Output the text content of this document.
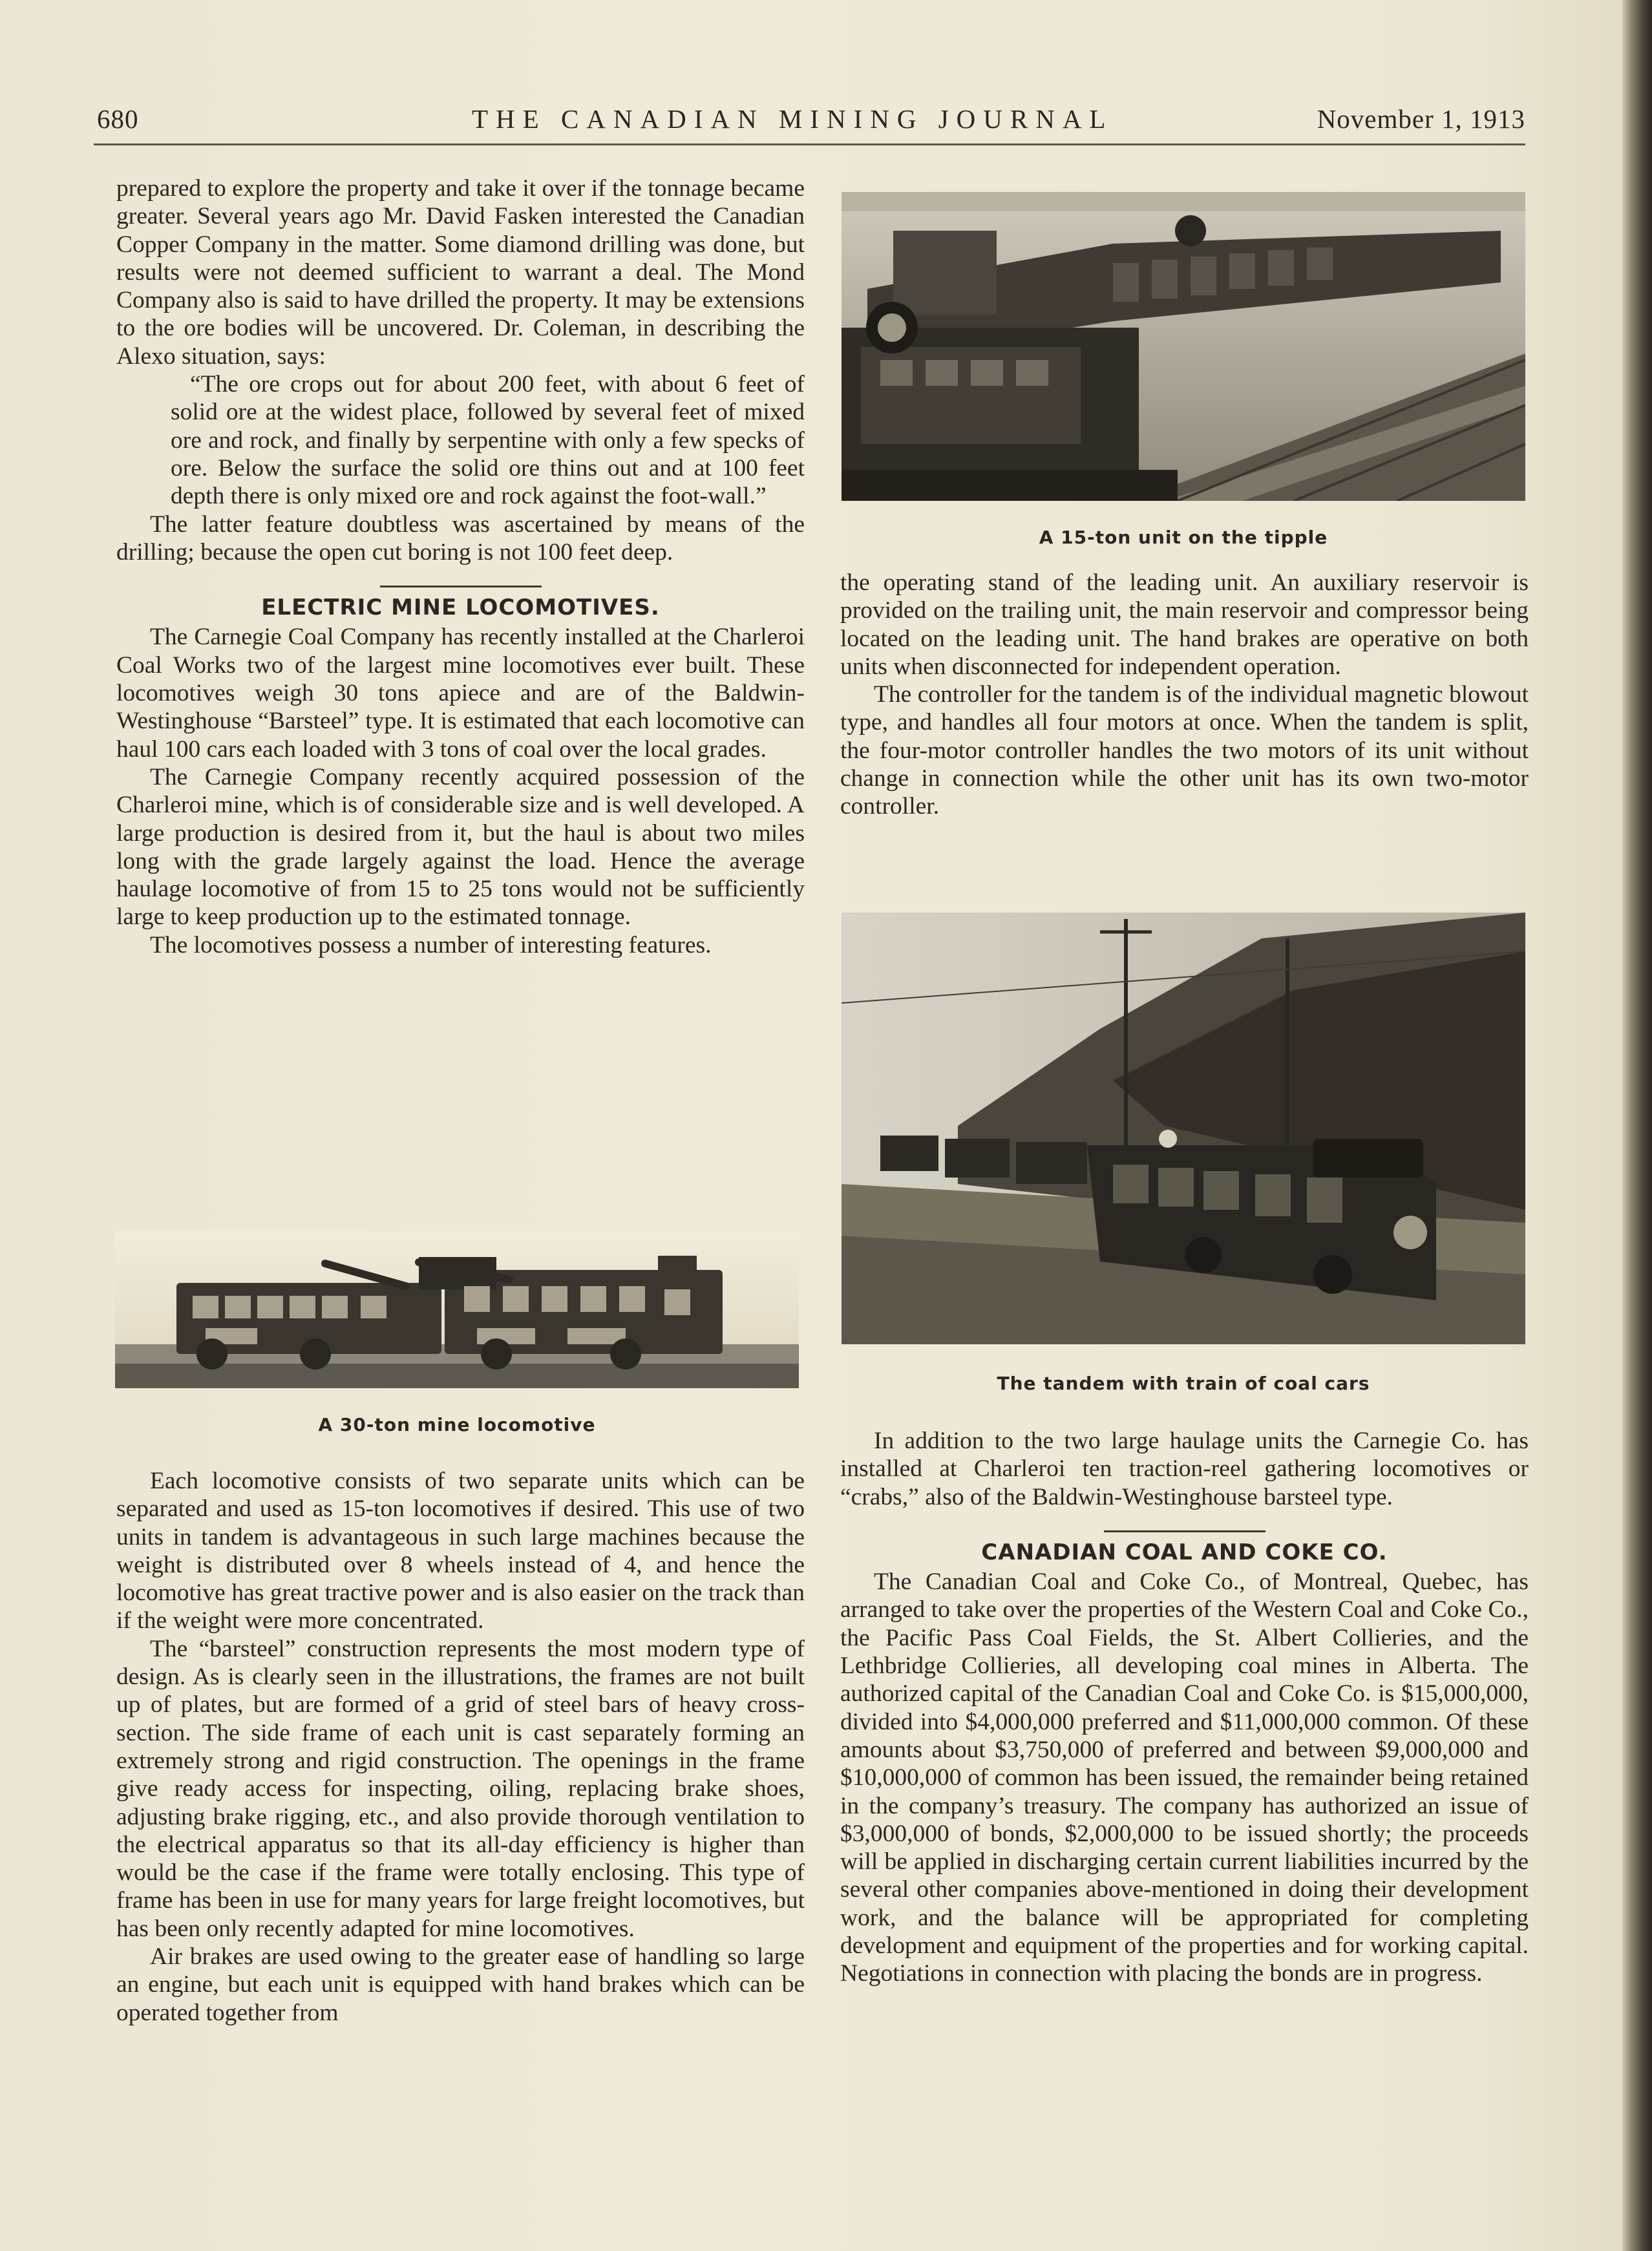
680	THE CANADIAN MINING JOURNAL	November 1, 1913

prepared to explore the property and take it over if the tonnage became greater. Several years ago Mr. David Fasken interested the Canadian Copper Company in the matter. Some diamond drilling was done, but results were not deemed sufficient to warrant a deal. The Mond Company also is said to have drilled the property. It may be extensions to the ore bodies will be uncovered. Dr. Coleman, in describing the Alexo situation, says:

“The ore crops out for about 200 feet, with about 6 feet of solid ore at the widest place, followed by several feet of mixed ore and rock, and finally by serpentine with only a few specks of ore. Below the surface the solid ore thins out and at 100 feet depth there is only mixed ore and rock against the foot-wall.”

The latter feature doubtless was ascertained by means of the drilling; because the open cut boring is not 100 feet deep.

ELECTRIC MINE LOCOMOTIVES.

The Carnegie Coal Company has recently installed at the Charleroi Coal Works two of the largest mine locomotives ever built. These locomotives weigh 30 tons apiece and are of the Baldwin-Westinghouse “Barsteel” type. It is estimated that each locomotive can haul 100 cars each loaded with 3 tons of coal over the local grades.

The Carnegie Company recently acquired possession of the Charleroi mine, which is of considerable size and is well developed. A large production is desired from it, but the haul is about two miles long with the grade largely against the load. Hence the average haulage locomotive of from 15 to 25 tons would not be sufficiently large to keep production up to the estimated tonnage.

The locomotives possess a number of interesting features.

A 30-ton mine locomotive

Each locomotive consists of two separate units which can be separated and used as 15-ton locomotives if desired. This use of two units in tandem is advantageous in such large machines because the weight is distributed over 8 wheels instead of 4, and hence the locomotive has great tractive power and is also easier on the track than if the weight were more concentrated.

The “barsteel” construction represents the most modern type of design. As is clearly seen in the illustrations, the frames are not built up of plates, but are formed of a grid of steel bars of heavy cross-section. The side frame of each unit is cast separately forming an extremely strong and rigid construction. The openings in the frame give ready access for inspecting, oiling, replacing brake shoes, adjusting brake rigging, etc., and also provide thorough ventilation to the electrical apparatus so that its all-day efficiency is higher than would be the case if the frame were totally enclosing. This type of frame has been in use for many years for large freight locomotives, but has been only recently adapted for mine locomotives.

Air brakes are used owing to the greater ease of handling so large an engine, but each unit is equipped with hand brakes which can be operated together from

A 15-ton unit on the tipple

the operating stand of the leading unit. An auxiliary reservoir is provided on the trailing unit, the main reservoir and compressor being located on the leading unit. The hand brakes are operative on both units when disconnected for independent operation.

The controller for the tandem is of the individual magnetic blowout type, and handles all four motors at once. When the tandem is split, the four-motor controller handles the two motors of its unit without change in connection while the other unit has its own two-motor controller.

The tandem with train of coal cars

In addition to the two large haulage units the Carnegie Co. has installed at Charleroi ten traction-reel gathering locomotives or “crabs,” also of the Baldwin-Westinghouse barsteel type.

CANADIAN COAL AND COKE CO.

The Canadian Coal and Coke Co., of Montreal, Quebec, has arranged to take over the properties of the Western Coal and Coke Co., the Pacific Pass Coal Fields, the St. Albert Collieries, and the Lethbridge Collieries, all developing coal mines in Alberta. The authorized capital of the Canadian Coal and Coke Co. is $15,000,000, divided into $4,000,000 preferred and $11,000,000 common. Of these amounts about $3,750,000 of preferred and between $9,000,000 and $10,000,000 of common has been issued, the remainder being retained in the company’s treasury. The company has authorized an issue of $3,000,000 of bonds, $2,000,000 to be issued shortly; the proceeds will be applied in discharging certain current liabilities incurred by the several other companies above-mentioned in doing their development work, and the balance will be appropriated for completing development and equipment of the properties and for working capital. Negotiations in connection with placing the bonds are in progress.
